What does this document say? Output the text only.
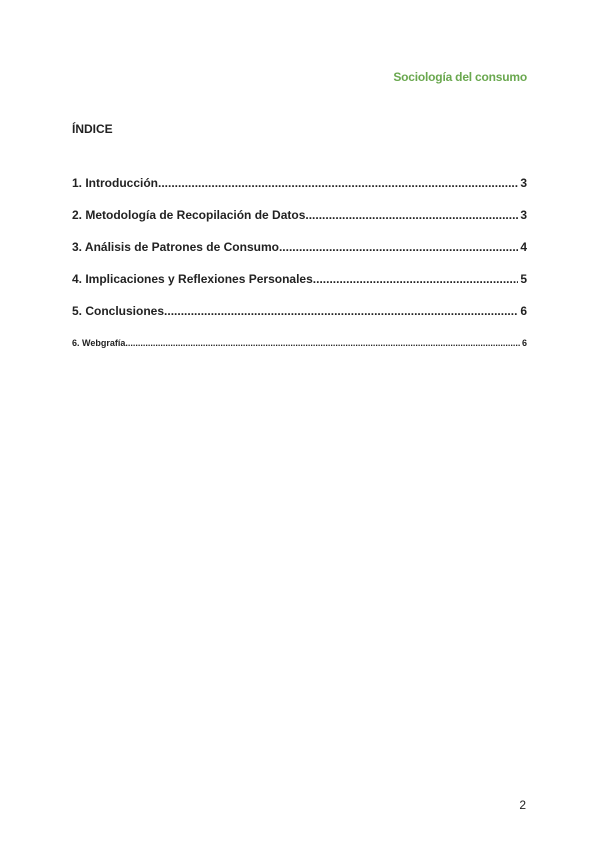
Sociología del consumo
ÍNDICE
1. Introducción .....	3
2. Metodología de Recopilación de Datos .....	3
3. Análisis de Patrones de Consumo .....	4
4. Implicaciones y Reflexiones Personales .....	5
5. Conclusiones .....	6
6. Webgrafía .....	6
2
